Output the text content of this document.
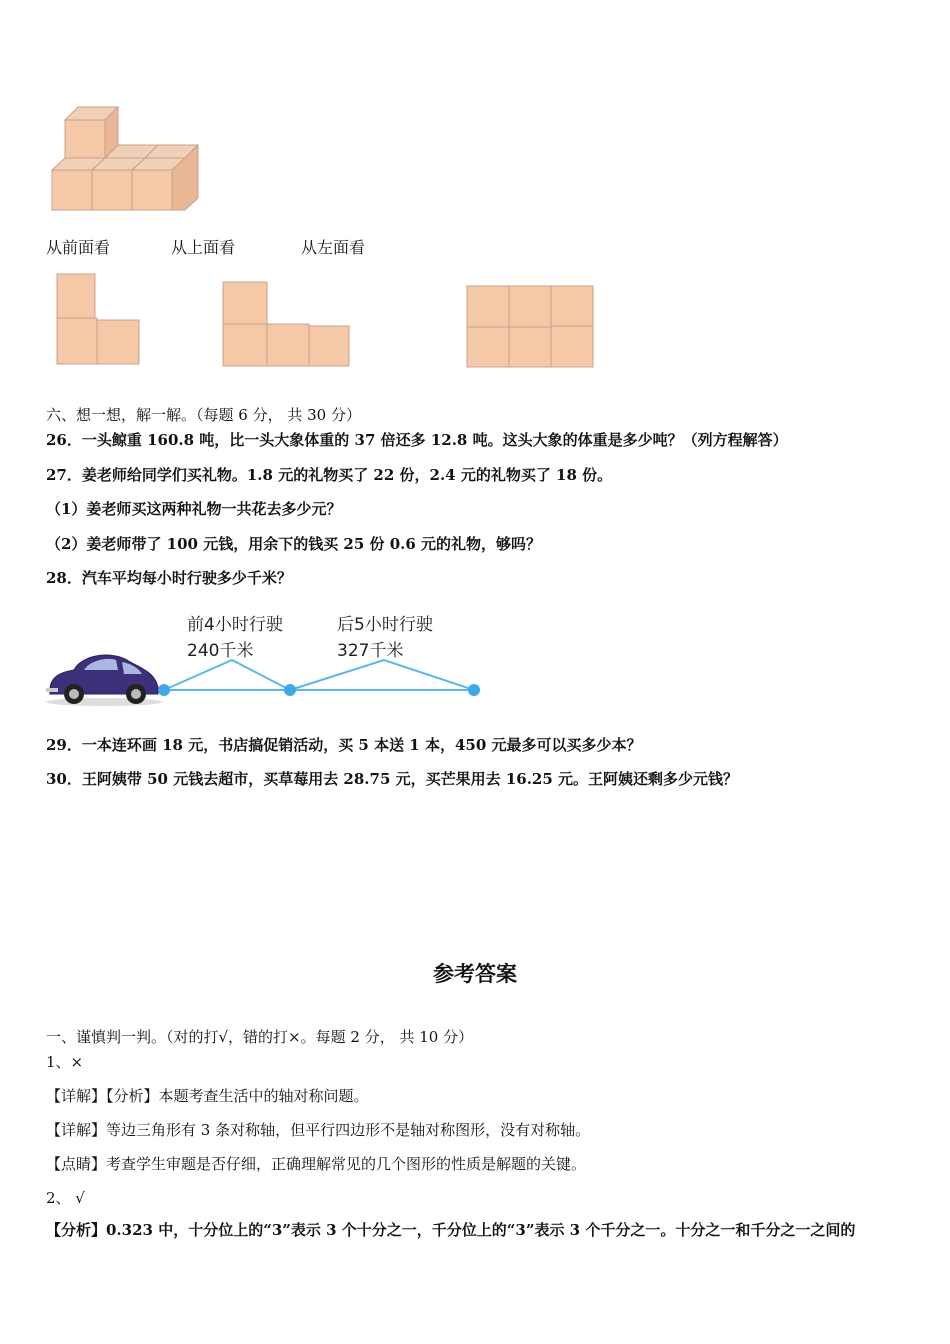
从前面看	从上面看	从左面看
六、想一想，解一解。（每题 6 分， 共 30 分）
26．一头鲸重 160.8 吨，比一头大象体重的 37 倍还多 12.8 吨。这头大象的体重是多少吨？（列方程解答）
27．姜老师给同学们买礼物。1.8 元的礼物买了 22 份，2.4 元的礼物买了 18 份。
（1）姜老师买这两种礼物一共花去多少元？
（2）姜老师带了 100 元钱，用余下的钱买 25 份 0.6 元的礼物，够吗？
28．汽车平均每小时行驶多少千米？
前4小时行驶
240千米
后5小时行驶
327千米
29．一本连环画 18 元，书店搞促销活动，买 5 本送 1 本，450 元最多可以买多少本？
30．王阿姨带 50 元钱去超市，买草莓用去 28.75 元，买芒果用去 16.25 元。王阿姨还剩多少元钱？
参考答案
一、谨慎判一判。（对的打√，错的打×。每题 2 分， 共 10 分）
1、×
【详解】【分析】本题考查生活中的轴对称问题。
【详解】等边三角形有 3 条对称轴，但平行四边形不是轴对称图形，没有对称轴。
【点睛】考查学生审题是否仔细，正确理解常见的几个图形的性质是解题的关键。
2、 √
【分析】0.323 中，十分位上的“3”表示 3 个十分之一，千分位上的“3”表示 3 个千分之一。十分之一和千分之一之间的
